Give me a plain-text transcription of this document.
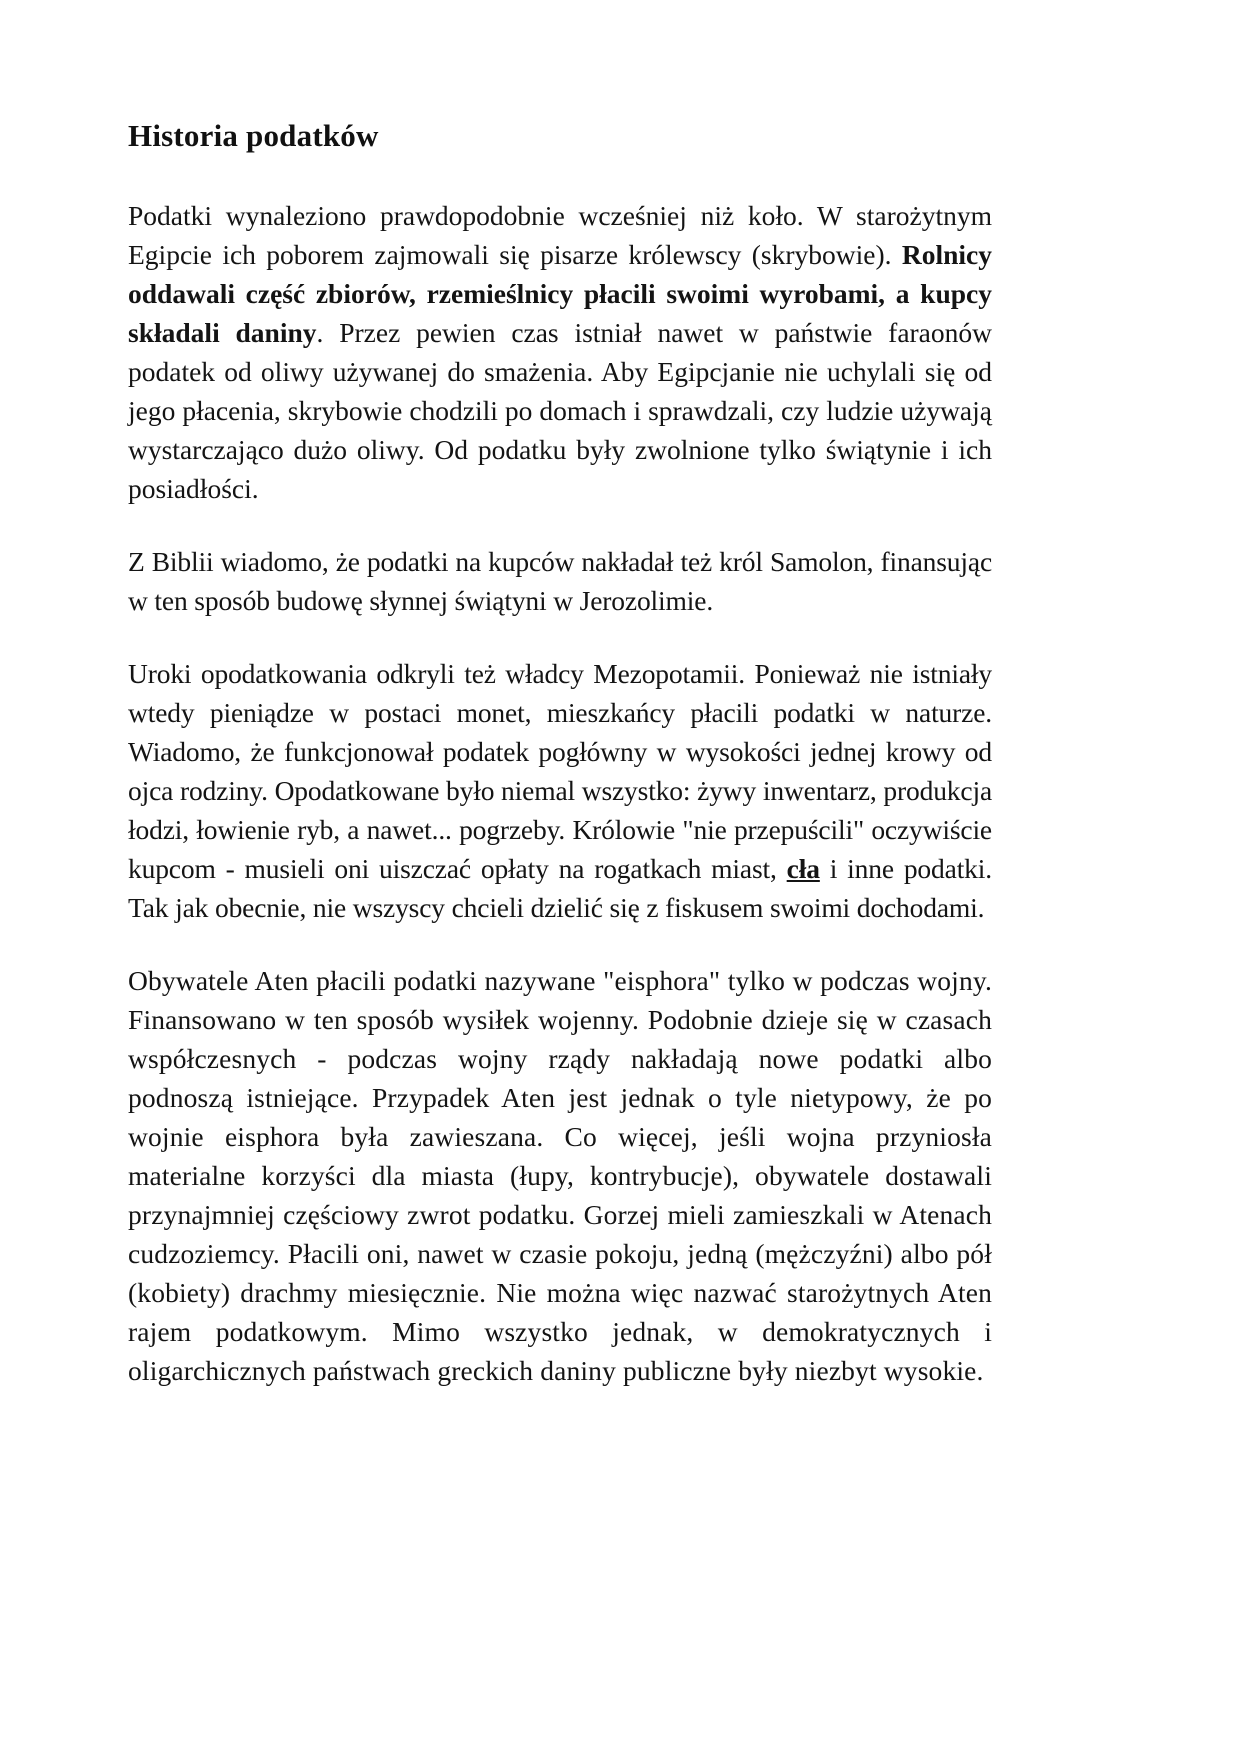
Historia podatków

Podatki wynaleziono prawdopodobnie wcześniej niż koło. W starożytnym Egipcie ich poborem zajmowali się pisarze królewscy (skrybowie). Rolnicy oddawali część zbiorów, rzemieślnicy płacili swoimi wyrobami, a kupcy składali daniny. Przez pewien czas istniał nawet w państwie faraonów podatek od oliwy używanej do smażenia. Aby Egipcjanie nie uchylali się od jego płacenia, skrybowie chodzili po domach i sprawdzali, czy ludzie używają wystarczająco dużo oliwy. Od podatku były zwolnione tylko świątynie i ich posiadłości.

Z Biblii wiadomo, że podatki na kupców nakładał też król Samolon, finansując w ten sposób budowę słynnej świątyni w Jerozolimie.

Uroki opodatkowania odkryli też władcy Mezopotamii. Ponieważ nie istniały wtedy pieniądze w postaci monet, mieszkańcy płacili podatki w naturze. Wiadomo, że funkcjonował podatek pogłówny w wysokości jednej krowy od ojca rodziny. Opodatkowane było niemal wszystko: żywy inwentarz, produkcja łodzi, łowienie ryb, a nawet... pogrzeby. Królowie "nie przepuścili" oczywiście kupcom - musieli oni uiszczać opłaty na rogatkach miast, cła i inne podatki. Tak jak obecnie, nie wszyscy chcieli dzielić się z fiskusem swoimi dochodami.

Obywatele Aten płacili podatki nazywane "eisphora" tylko w podczas wojny. Finansowano w ten sposób wysiłek wojenny. Podobnie dzieje się w czasach współczesnych - podczas wojny rządy nakładają nowe podatki albo podnoszą istniejące. Przypadek Aten jest jednak o tyle nietypowy, że po wojnie eisphora była zawieszana. Co więcej, jeśli wojna przyniosła materialne korzyści dla miasta (łupy, kontrybucje), obywatele dostawali przynajmniej częściowy zwrot podatku. Gorzej mieli zamieszkali w Atenach cudzoziemcy. Płacili oni, nawet w czasie pokoju, jedną (mężczyźni) albo pół (kobiety) drachmy miesięcznie. Nie można więc nazwać starożytnych Aten rajem podatkowym. Mimo wszystko jednak, w demokratycznych i oligarchicznych państwach greckich daniny publiczne były niezbyt wysokie.
